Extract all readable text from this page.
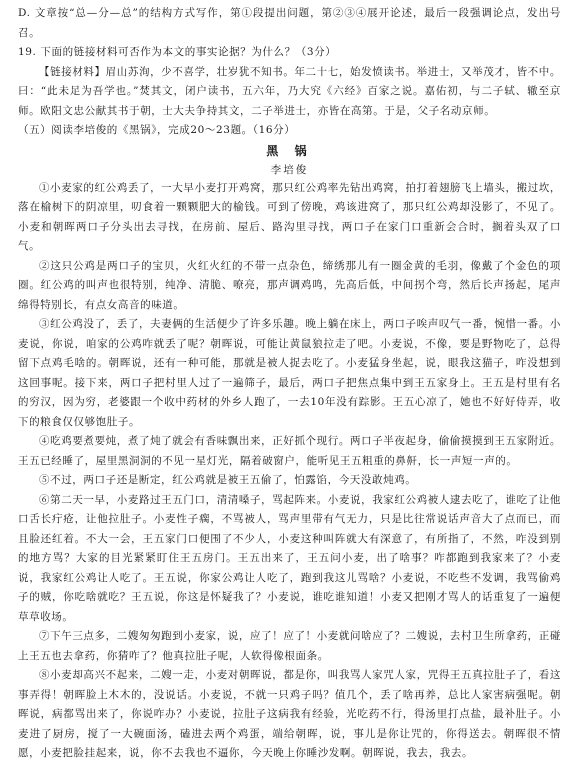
D. 文章按“总—分—总”的结构方式写作，第①段提出问题，第②③④展开论述，最后一段强调论点，发出号召。

19. 下面的链接材料可否作为本文的事实论据？为什么？（3分）

【链接材料】眉山苏洵，少不喜学，壮岁犹不知书。年二十七，始发愤读书。举进士，又举茂才，皆不中。曰：“此未足为吾学也。”焚其文，闭户读书，五六年，乃大究《六经》百家之说。嘉佑初，与二子轼、辙至京师。欧阳文忠公献其书于朝，士大夫争持其文，二子举进士，亦皆在高第。于是，父子名动京师。

（五）阅读李培俊的《黑锅》，完成20～23题。（16分）

黑 锅

李培俊

①小麦家的红公鸡丢了，一大早小麦打开鸡窝，那只红公鸡率先钻出鸡窝，拍打着翅膀飞上墙头，搬过坎，落在榆树下的阴凉里，叨食着一颗颗肥大的榆钱。可到了傍晚，鸡该进窝了，那只红公鸡却没影了，不见了。小麦和朝晖两口子分头出去寻找，在房前、屋后、路沟里寻找，两口子在家门口重新会合时，搁着头双了口气。

②这只公鸡是两口子的宝贝，火红火红的不带一点杂色，缔绣那儿有一圈金黄的毛羽，像戴了个金色的项圈。红公鸡的叫声也很特别，纯净、清脆、嘹亮，那声调鸡鸣，先高后低，中间拐个弯，然后长声扬起，尾声绵得特别长，有点女高音的味道。

③红公鸡没了，丢了，夫妻俩的生活便少了许多乐趣。晚上躺在床上，两口子唉声叹气一番，惋惜一番。小麦说，你说，咱家的公鸡咋就丢了呢？朝晖说，可能让黄鼠狼拉走了吧。小麦说，不像，要是野物吃了，总得留下点鸡毛啥的。朝晖说，还有一种可能，那就是被人捉去吃了。小麦猛身坐起，说，眼我这猫子，咋没想到这回事呢。接下来，两口子把村里人过了一遍筛子，最后，两口子把焦点集中到王五家身上。王五是村里有名的穷汉，因为穷，老婆跟一个收中药材的外乡人跑了，一去10年没有踪影。王五心凉了，她也不好好侍弄，收下的粮食仅仅够饱肚子。

④吃鸡要煮要炖，煮了炖了就会有香味飘出来，正好抓个现行。两口子半夜起身，偷偷摸摸到王五家附近。王五已经睡了，屋里黑洞洞的不见一星灯光，隔着破窗户，能听见王五粗重的鼻鼾，长一声短一声的。

⑤不过，两口子还是断定，红公鸡就是被王五偷了，怕露馅，今天没敢炖鸡。

⑥第二天一早，小麦路过王五门口，清清嗓子，骂起阵来。小麦说，我家红公鸡被人逮去吃了，谁吃了让他口舌长疔疮，让他拉肚子。小麦性子瘸，不骂被人，骂声里带有气无力，只是比往常说话声音大了点而已，而且脸还红着。不大一会，王五家门口便围了不少人，小麦这种叫阵就大有深意了，有所指了，不然，咋没到别的地方骂？大家的目光紧紧盯住王五房门。王五出来了，王五问小麦，出了啥事？咋都跑到我家来了？小麦说，我家红公鸡让人吃了。王五说，你家公鸡让人吃了，跑到我这儿骂啥？小麦说，不吃些不发调，我骂偷鸡子的贼，你吃啥就吃？王五说，你这是怀疑我了？小麦说，谁吃谁知道！小麦又把刚才骂人的话重复了一遍便草草收场。

⑦下午三点多，二嫂匆匆跑到小麦家，说，应了！应了！小麦就问啥应了？二嫂说，去村卫生所拿药，正碰上王五也去拿药，你猜咋了？他真拉肚子呢，人软得像根面条。

⑧小麦却高兴不起来，二嫂一走，小麦对朝晖说，都是你，叫我骂人家咒人家，咒得王五真拉肚子了，看这事弄得！朝晖脸上木木的，没说话。小麦说，不就一只鸡子吗？值几个，丢了啥再养，总比人家害病强呢。朝晖说，病都骂出来了，你说咋办？小麦说，拉肚子这病我有经验，光吃药不行，得汤里打点盐，最补肚子。小麦进了厨房，搅了一大碗面汤，磕进去两个鸡蛋，端给朝晖，说，事儿是你让咒的，你得送去。朝晖很不情愿，小麦把脸挂起来，说，你不去我也不逼你，今天晚上你睡沙发啊。朝晖说，我去，我去。
